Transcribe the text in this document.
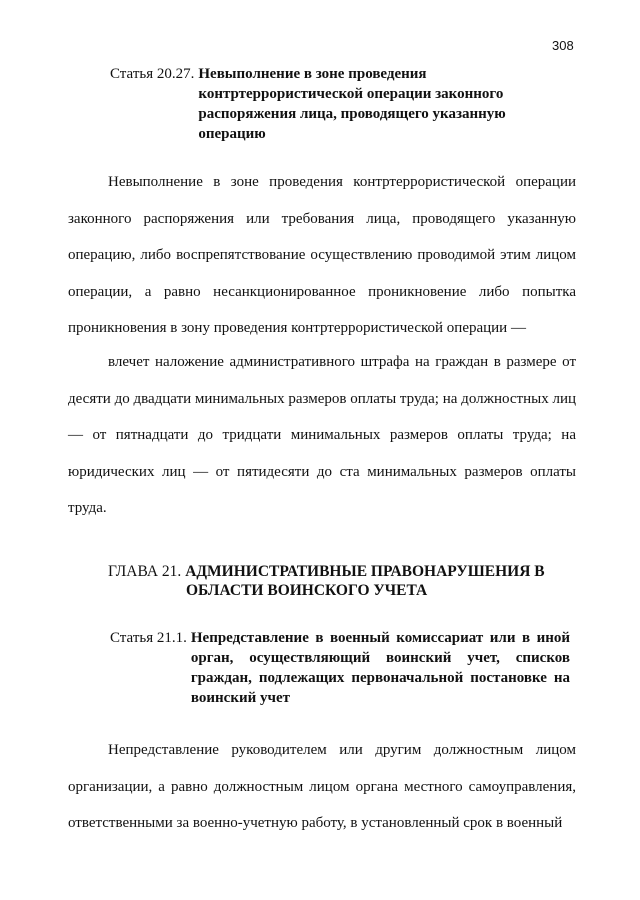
308
Статья 20.27. Невыполнение в зоне проведения контртеррористической операции законного распоряжения лица, проводящего указанную операцию

Невыполнение в зоне проведения контртеррористической операции законного распоряжения или требования лица, проводящего указанную операцию, либо воспрепятствование осуществлению проводимой этим лицом операции, а равно несанкционированное проникновение либо попытка проникновения в зону проведения контртеррористической операции —

влечет наложение административного штрафа на граждан в размере от десяти до двадцати минимальных размеров оплаты труда; на должностных лиц — от пятнадцати до тридцати минимальных размеров оплаты труда; на юридических лиц — от пятидесяти до ста минимальных размеров оплаты труда.

ГЛАВА 21. АДМИНИСТРАТИВНЫЕ ПРАВОНАРУШЕНИЯ В
ОБЛАСТИ ВОИНСКОГО УЧЕТА
Статья 21.1. Непредставление в военный комиссариат или в иной орган, осуществляющий воинский учет, списков граждан, подлежащих первоначальной постановке на воинский учет

Непредставление руководителем или другим должностным лицом организации, а равно должностным лицом органа местного самоуправления, ответственными за военно-учетную работу, в установленный срок в военный
